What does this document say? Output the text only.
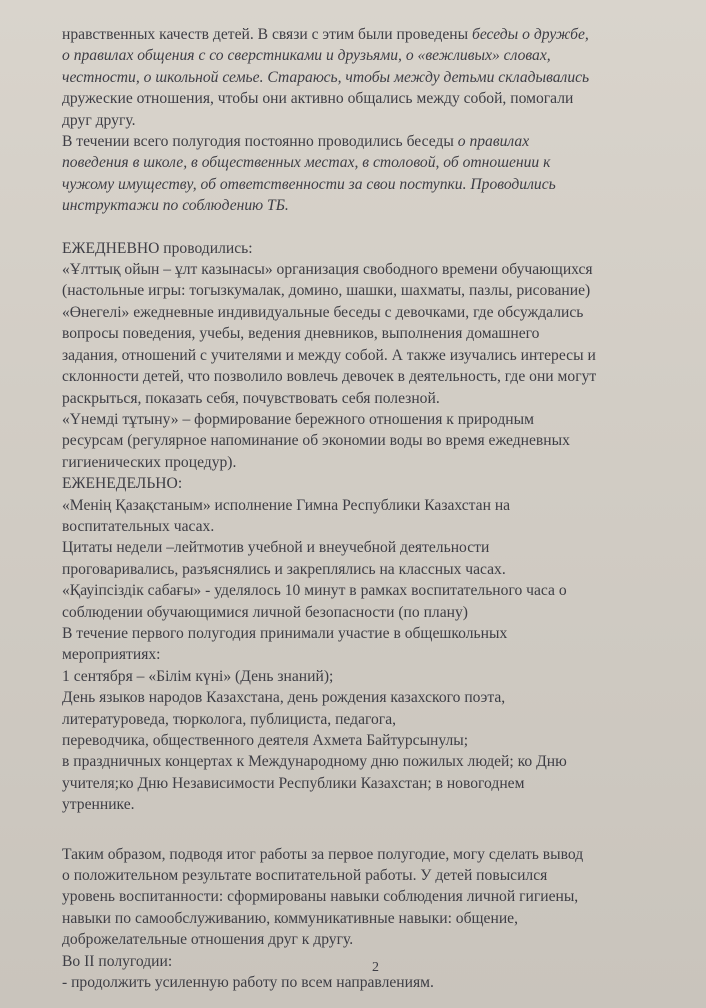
нравственных качеств детей. В связи с этим были проведены беседы о дружбе,
о правилах общения с со сверстниками и друзьями, о «вежливых» словах,
честности, о школьной семье. Стараюсь, чтобы между детьми складывались
дружеские отношения, чтобы они активно общались между собой, помогали
друг другу.
В течении всего полугодия постоянно проводились беседы о правилах
поведения в школе, в общественных местах, в столовой, об отношении к
чужому имуществу, об ответственности за свои поступки. Проводились
инструктажи по соблюдению ТБ.
ЕЖЕДНЕВНО проводились:
«Ұлттық ойын – ұлт казынасы» организация свободного времени обучающихся
(настольные игры: тогызкумалак, домино, шашки, шахматы, пазлы, рисование)
«Өнегелі» ежедневные индивидуальные беседы с девочками, где обсуждались
вопросы поведения, учебы, ведения дневников, выполнения домашнего
задания, отношений с учителями и между собой. А также изучались интересы и
склонности детей, что позволило вовлечь девочек в деятельность, где они могут
раскрыться, показать себя, почувствовать себя полезной.
«Үнемді тұтыну» – формирование бережного отношения к природным
ресурсам (регулярное напоминание об экономии воды во время ежедневных
гигиенических процедур).
ЕЖЕНЕДЕЛЬНО:
«Менің Қазақстаным» исполнение Гимна Республики Казахстан на
воспитательных часах.
Цитаты недели –лейтмотив учебной и внеучебной деятельности
проговаривались, разъяснялись и закреплялись на классных часах.
«Қауіпсіздік сабағы» - уделялось 10 минут в рамках воспитательного часа о
соблюдении обучающимися личной безопасности (по плану)
В течение первого полугодия принимали участие в общешкольных
мероприятиях:
1 сентября – «Білім күні» (День знаний);
День языков народов Казахстана, день рождения казахского поэта,
литературоведа, тюрколога, публициста, педагога,
переводчика, общественного деятеля Ахмета Байтурсынулы;
в праздничных концертах к Международному дню пожилых людей; ко Дню
учителя;ко Дню Независимости Республики Казахстан; в новогоднем
утреннике.
Таким образом, подводя итог работы за первое полугодие, могу сделать вывод
о положительном результате воспитательной работы. У детей повысился
уровень воспитанности: сформированы навыки соблюдения личной гигиены,
навыки по самообслуживанию, коммуникативные навыки: общение,
доброжелательные отношения друг к другу.
Во II полугодии:
- продолжить усиленную работу по всем направлениям.
2
